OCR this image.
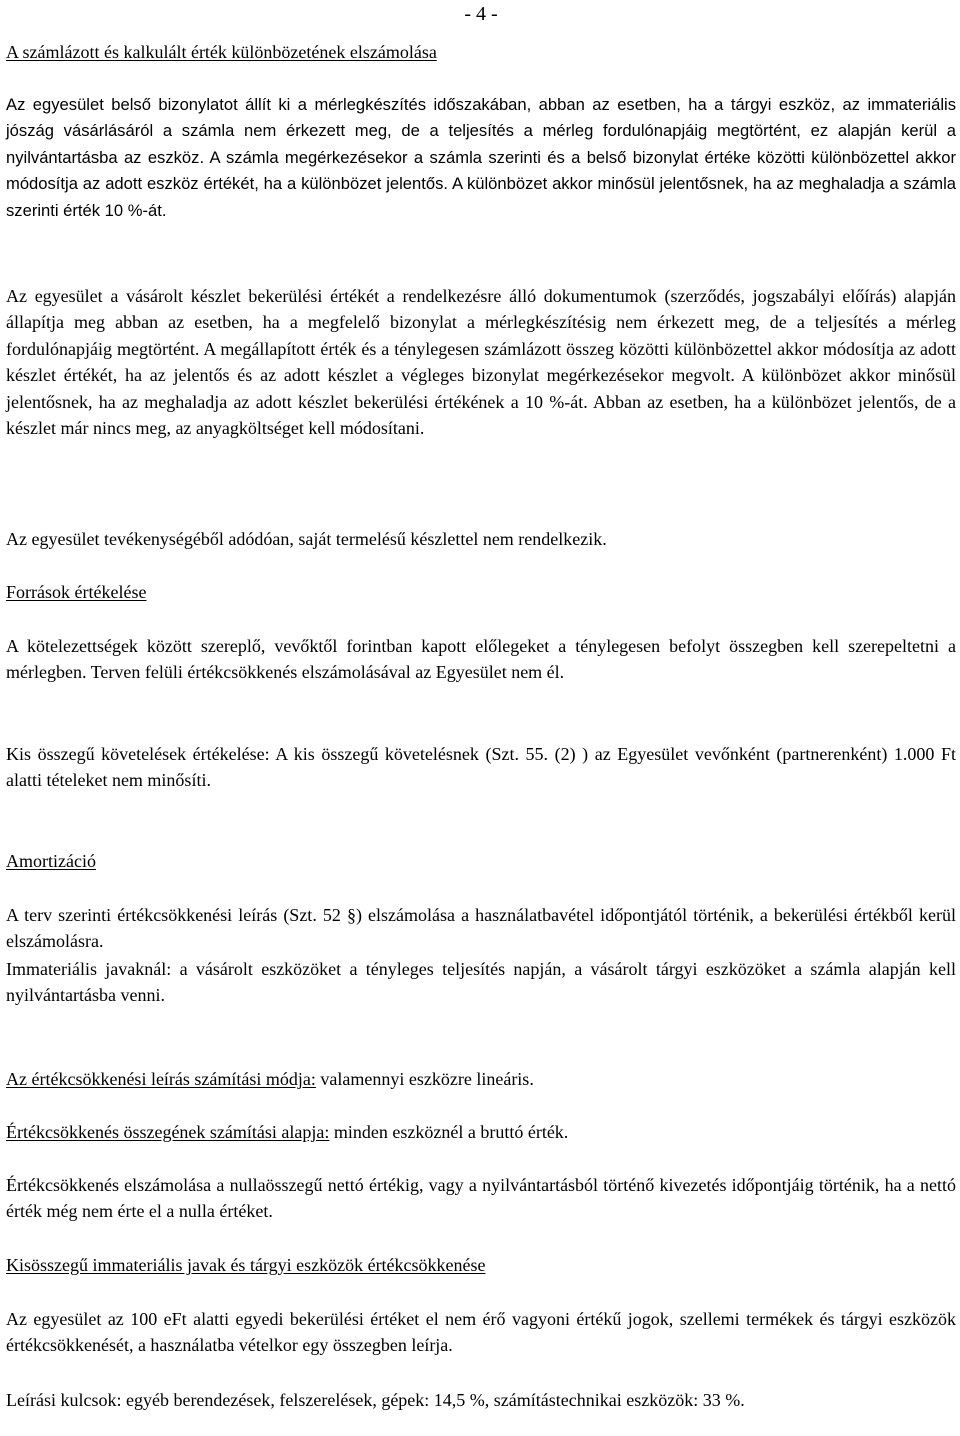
- 4 -

A számlázott és kalkulált érték különbözetének elszámolása

Az egyesület belső bizonylatot állít ki a mérlegkészítés időszakában, abban az esetben, ha a tárgyi eszköz, az immateriális jószág vásárlásáról a számla nem érkezett meg, de a teljesítés a mérleg fordulónapjáig megtörtént, ez alapján kerül a nyilvántartásba az eszköz. A számla megérkezésekor a számla szerinti és a belső bizonylat értéke közötti különbözettel akkor módosítja az adott eszköz értékét, ha a különbözet jelentős. A különbözet akkor minősül jelentősnek, ha az meghaladja a számla szerinti érték 10 %-át.

Az egyesület a vásárolt készlet bekerülési értékét a rendelkezésre álló dokumentumok (szerződés, jogszabályi előírás) alapján állapítja meg abban az esetben, ha a megfelelő bizonylat a mérlegkészítésig nem érkezett meg, de a teljesítés a mérleg fordulónapjáig megtörtént. A megállapított érték és a ténylegesen számlázott összeg közötti különbözettel akkor módosítja az adott készlet értékét, ha az jelentős és az adott készlet a végleges bizonylat megérkezésekor megvolt. A különbözet akkor minősül jelentősnek, ha az meghaladja az adott készlet bekerülési értékének a 10 %-át. Abban az esetben, ha a különbözet jelentős, de a készlet már nincs meg, az anyagköltséget kell módosítani.

Az egyesület tevékenységéből adódóan, saját termelésű készlettel nem rendelkezik.

Források értékelése

A kötelezettségek között szereplő, vevőktől forintban kapott előlegeket a ténylegesen befolyt összegben kell szerepeltetni a mérlegben. Terven felüli értékcsökkenés elszámolásával az Egyesület nem él.

Kis összegű követelések értékelése: A kis összegű követelésnek (Szt. 55. (2) ) az Egyesület vevőnként (partnerenként) 1.000 Ft alatti tételeket nem minősíti.

Amortizáció

A terv szerinti értékcsökkenési leírás (Szt. 52 §) elszámolása a használatbavétel időpontjától történik, a bekerülési értékből kerül elszámolásra.

Immateriális javaknál: a vásárolt eszközöket a tényleges teljesítés napján, a vásárolt tárgyi eszközöket a számla alapján kell nyilvántartásba venni.

Az értékcsökkenési leírás számítási módja: valamennyi eszközre lineáris.

Értékcsökkenés összegének számítási alapja: minden eszköznél a bruttó érték.

Értékcsökkenés elszámolása a nullaösszegű nettó értékig, vagy a nyilvántartásból történő kivezetés időpontjáig történik, ha a nettó érték még nem érte el a nulla értéket.

Kisösszegű immateriális javak és tárgyi eszközök értékcsökkenése

Az egyesület az 100 eFt alatti egyedi bekerülési értéket el nem érő vagyoni értékű jogok, szellemi termékek és tárgyi eszközök értékcsökkenését, a használatba vételkor egy összegben leírja.

Leírási kulcsok: egyéb berendezések, felszerelések, gépek: 14,5 %, számítástechnikai eszközök: 33 %.
